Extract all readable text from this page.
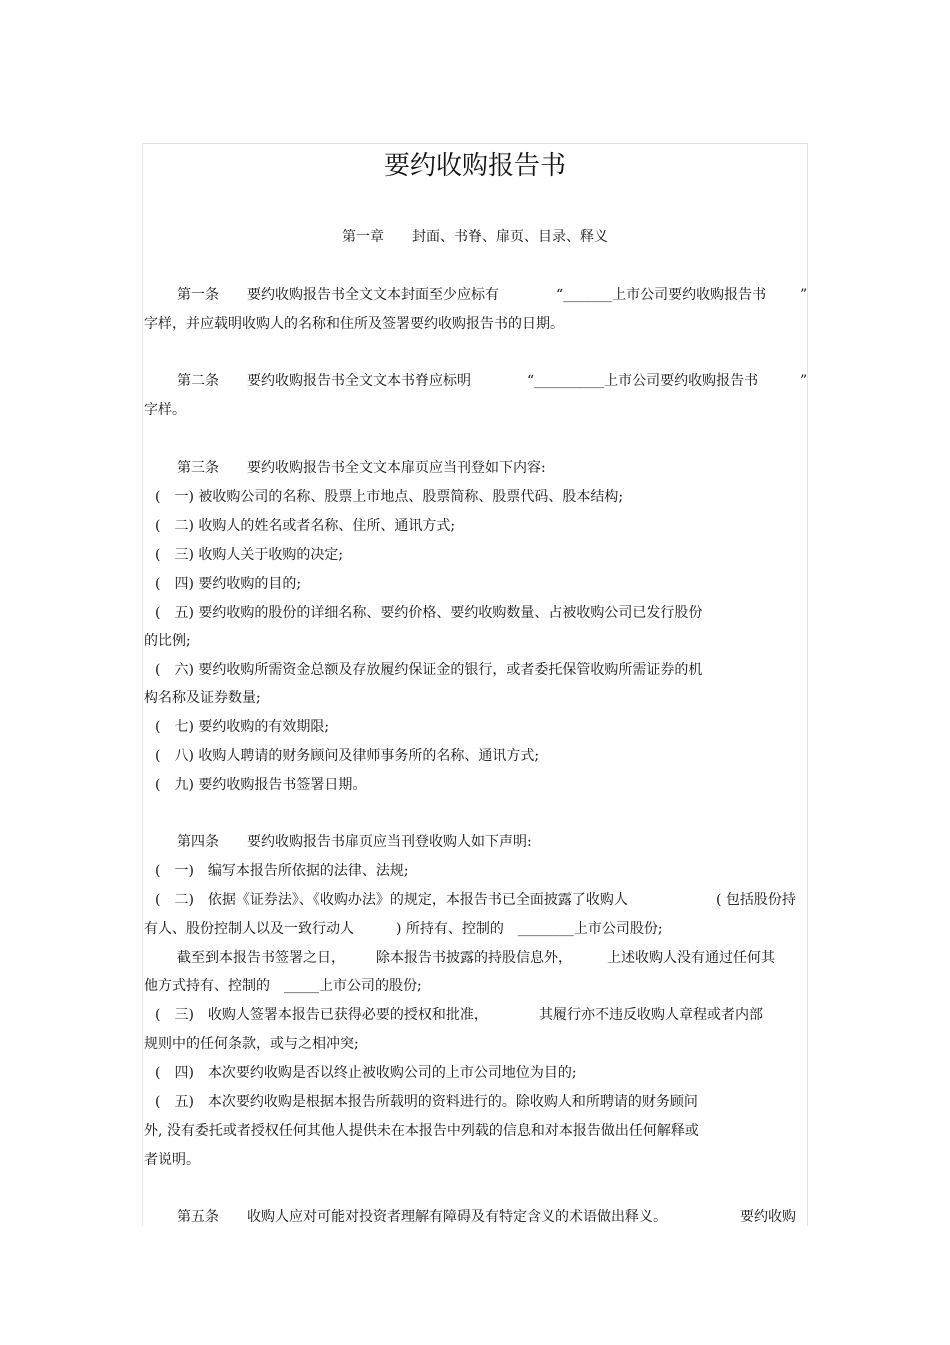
要约收购报告书
第一章　　封面、书脊、扉页、目录、释义
第一条　　要约收购报告书全文文本封面至少应标有	“_______上市公司要约收购报告书 ”
字样，并应载明收购人的名称和住所及签署要约收购报告书的日期。
第二条　　要约收购报告书全文文本书脊应标明	“__________上市公司要约收购报告书	”
字样。
第三条　　要约收购报告书全文文本扉页应当刊登如下内容:
(　一) 被收购公司的名称、股票上市地点、股票简称、股票代码、股本结构;
(　二) 收购人的姓名或者名称、住所、通讯方式;
(　三) 收购人关于收购的决定;
(　四) 要约收购的目的;
(　五) 要约收购的股份的详细名称、要约价格、要约收购数量、占被收购公司已发行股份
的比例;
(　六) 要约收购所需资金总额及存放履约保证金的银行，或者委托保管收购所需证券的机
构名称及证券数量;
(　七) 要约收购的有效期限;
(　八) 收购人聘请的财务顾问及律师事务所的名称、通讯方式;
(　九) 要约收购报告书签署日期。
第四条　　要约收购报告书扉页应当刊登收购人如下声明:
(　一)　编写本报告所依据的法律、法规;
(　二)　依据《证券法》、《收购办法》的规定，本报告书已全面披露了收购人	( 包括股份持
有人、股份控制人以及一致行动人	) 所持有、控制的　________上市公司股份;
截至到本报告书签署之日， 除本报告书披露的持股信息外，	上述收购人没有通过任何其
他方式持有、控制的　_____上市公司的股份;
(　三)　收购人签署本报告已获得必要的授权和批准，	其履行亦不违反收购人章程或者内部
规则中的任何条款，或与之相冲突;
(　四)　本次要约收购是否以终止被收购公司的上市公司地位为目的;
(　五)　本次要约收购是根据本报告所载明的资料进行的。除收购人和所聘请的财务顾问
外, 没有委托或者授权任何其他人提供未在本报告中列载的信息和对本报告做出任何解释或
者说明。
第五条　　收购人应对可能对投资者理解有障碍及有特定含义的术语做出释义。	要约收购
